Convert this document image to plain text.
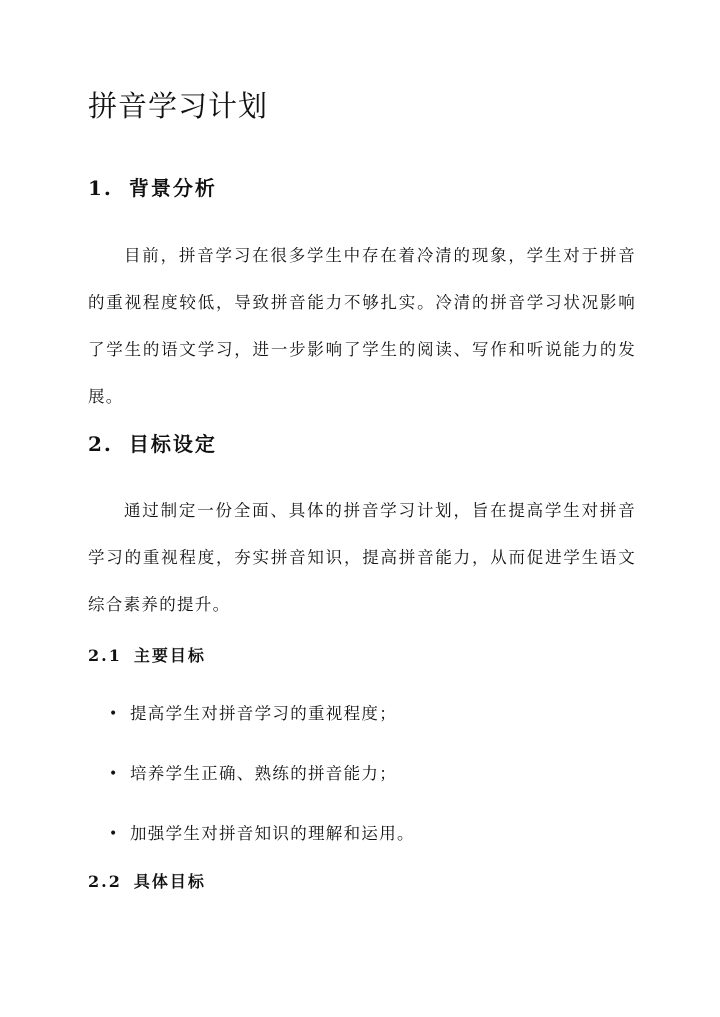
拼音学习计划
1. 背景分析

目前，拼音学习在很多学生中存在着冷清的现象，学生对于拼音的重视程度较低，导致拼音能力不够扎实。冷清的拼音学习状况影响了学生的语文学习，进一步影响了学生的阅读、写作和听说能力的发展。

2. 目标设定

通过制定一份全面、具体的拼音学习计划，旨在提高学生对拼音学习的重视程度，夯实拼音知识，提高拼音能力，从而促进学生语文综合素养的提升。

2.1 主要目标
• 提高学生对拼音学习的重视程度；
• 培养学生正确、熟练的拼音能力；
• 加强学生对拼音知识的理解和运用。
2.2 具体目标
